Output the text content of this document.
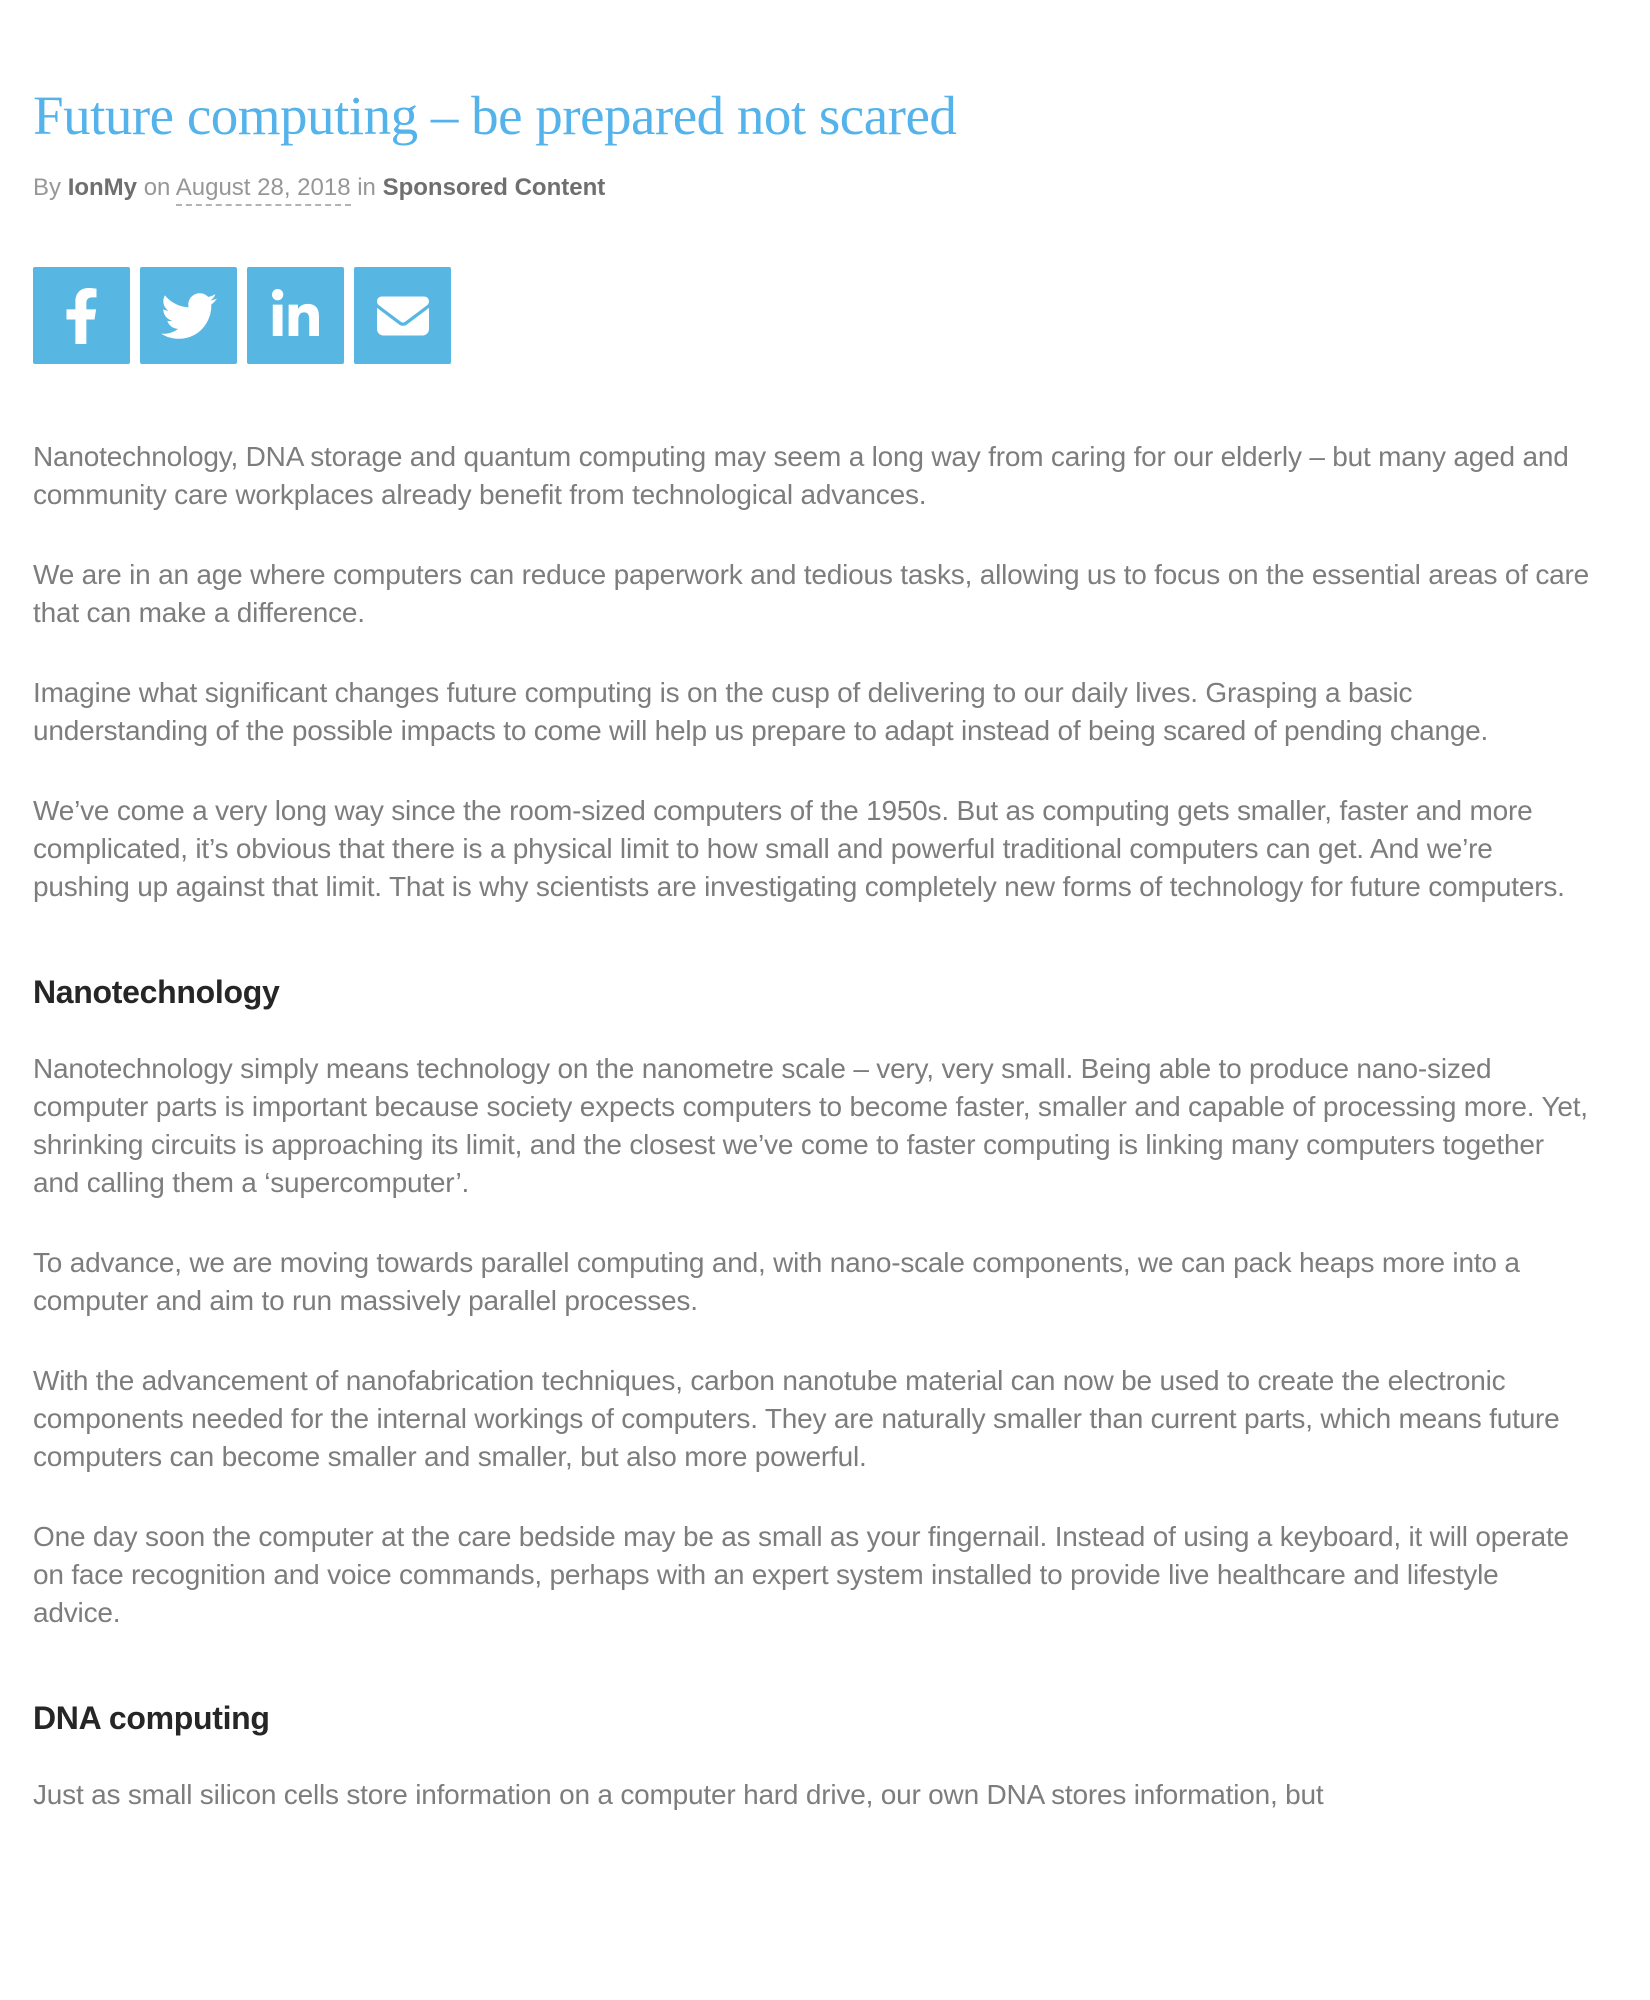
Future computing – be prepared not scared
By IonMy on August 28, 2018 in Sponsored Content

Nanotechnology, DNA storage and quantum computing may seem a long way from caring for our elderly – but many aged and community care workplaces already benefit from technological advances.

We are in an age where computers can reduce paperwork and tedious tasks, allowing us to focus on the essential areas of care that can make a difference.

Imagine what significant changes future computing is on the cusp of delivering to our daily lives. Grasping a basic understanding of the possible impacts to come will help us prepare to adapt instead of being scared of pending change.

We’ve come a very long way since the room-sized computers of the 1950s. But as computing gets smaller, faster and more complicated, it’s obvious that there is a physical limit to how small and powerful traditional computers can get. And we’re pushing up against that limit. That is why scientists are investigating completely new forms of technology for future computers.

Nanotechnology

Nanotechnology simply means technology on the nanometre scale – very, very small. Being able to produce nano-sized computer parts is important because society expects computers to become faster, smaller and capable of processing more. Yet, shrinking circuits is approaching its limit, and the closest we’ve come to faster computing is linking many computers together and calling them a ‘supercomputer’.

To advance, we are moving towards parallel computing and, with nano-scale components, we can pack heaps more into a computer and aim to run massively parallel processes.

With the advancement of nanofabrication techniques, carbon nanotube material can now be used to create the electronic components needed for the internal workings of computers. They are naturally smaller than current parts, which means future computers can become smaller and smaller, but also more powerful.

One day soon the computer at the care bedside may be as small as your fingernail. Instead of using a keyboard, it will operate on face recognition and voice commands, perhaps with an expert system installed to provide live healthcare and lifestyle advice.

DNA computing

Just as small silicon cells store information on a computer hard drive, our own DNA stores information, but
